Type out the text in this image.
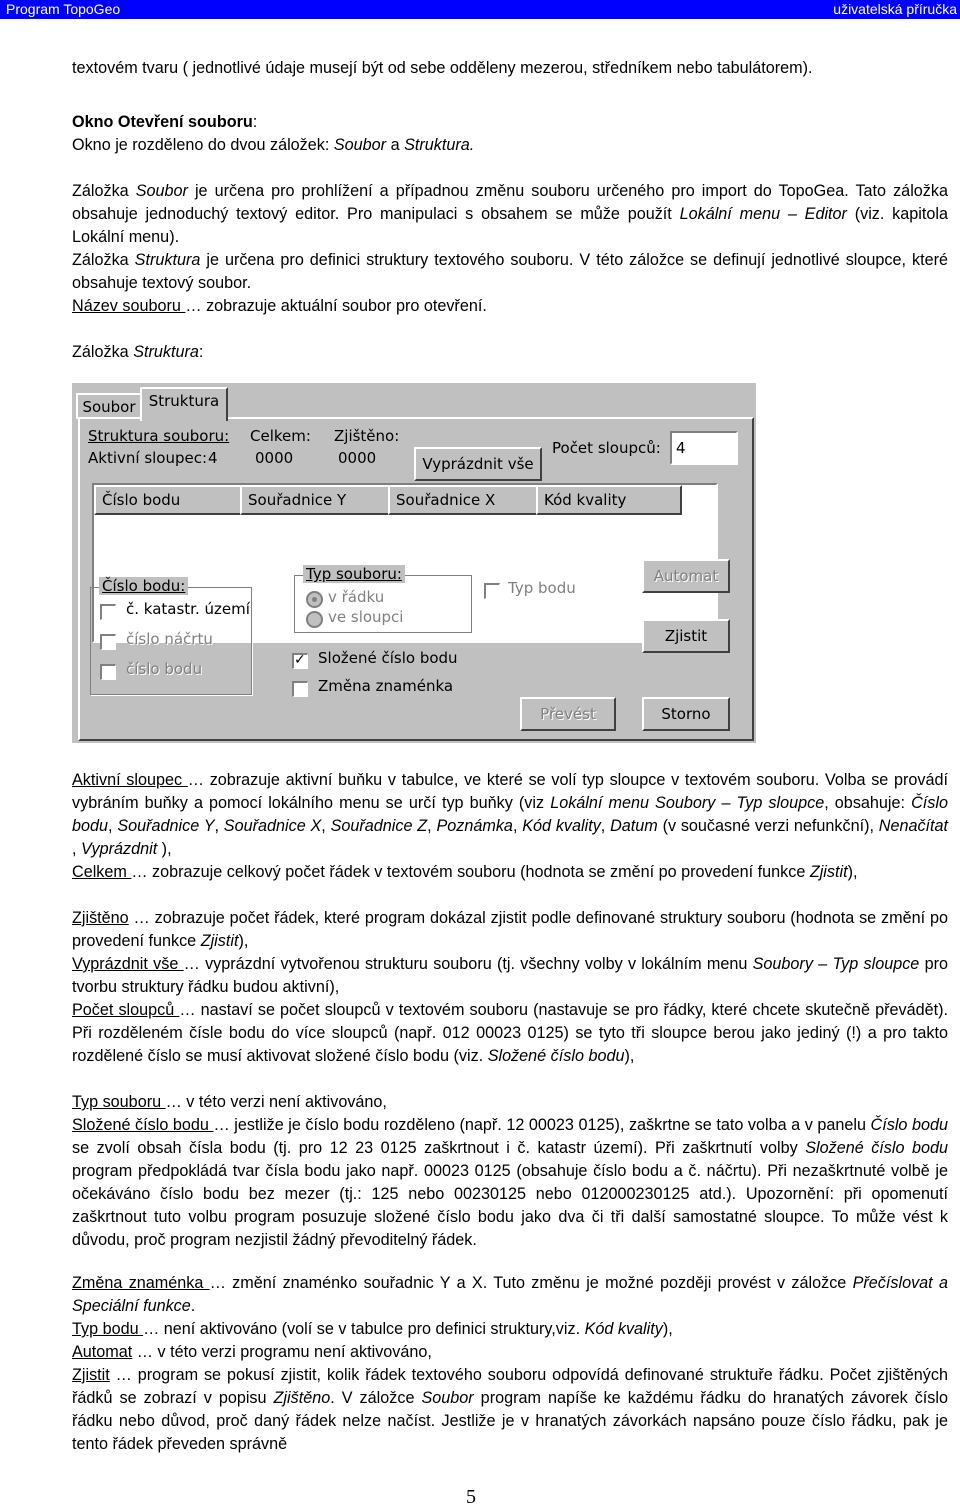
Program TopoGeo	uživatelská příručka

textovém tvaru ( jednotlivé údaje musejí být od sebe odděleny mezerou, středníkem nebo tabulátorem).

Okno Otevření souboru:

Okno je rozděleno do dvou záložek: Soubor a Struktura.

Záložka Soubor je určena pro prohlížení a případnou změnu souboru určeného pro import do TopoGea. Tato záložka obsahuje jednoduchý textový editor. Pro manipulaci s obsahem se může použít Lokální menu – Editor (viz. kapitola Lokální menu).

Záložka Struktura je určena pro definici struktury textového souboru. V této záložce se definují jednotlivé sloupce, které obsahuje textový soubor.

Název souboru … zobrazuje aktuální soubor pro otevření.

Záložka Struktura:

Soubor Struktura
Struktura souboru:
Aktivní sloupec: 4
Celkem:
0000
Zjištěno:
0000	Vyprázdnit vše
Počet sloupců:	4
Číslo bodu	Souřadnice Y	Souřadnice X	Kód kvality
Číslo bodu:
č. katastr. území
číslo náčrtu
číslo bodu
Typ souboru:
v řádku
ve sloupci
✓
Složené číslo bodu
Změna znaménka
Typ bodu
Automat
Zjistit
Převést	Storno

Aktivní sloupec … zobrazuje aktivní buňku v tabulce, ve které se volí typ sloupce v textovém souboru. Volba se provádí vybráním buňky a pomocí lokálního menu se určí typ buňky (viz Lokální menu Soubory – Typ sloupce, obsahuje: Číslo bodu, Souřadnice Y, Souřadnice X, Souřadnice Z, Poznámka, Kód kvality, Datum (v současné verzi nefunkční), Nenačítat , Vyprázdnit ),

Celkem … zobrazuje celkový počet řádek v textovém souboru (hodnota se změní po provedení funkce Zjistit),

Zjištěno … zobrazuje počet řádek, které program dokázal zjistit podle definované struktury souboru (hodnota se změní po provedení funkce Zjistit),

Vyprázdnit vše … vyprázdní vytvořenou strukturu souboru (tj. všechny volby v lokálním menu Soubory – Typ sloupce pro tvorbu struktury řádku budou aktivní),

Počet sloupců … nastaví se počet sloupců v textovém souboru (nastavuje se pro řádky, které chcete skutečně převádět). Při rozděleném čísle bodu do více sloupců (např. 012 00023 0125) se tyto tři sloupce berou jako jediný (!) a pro takto rozdělené číslo se musí aktivovat složené číslo bodu (viz. Složené číslo bodu),

Typ souboru … v této verzi není aktivováno,

Složené číslo bodu … jestliže je číslo bodu rozděleno (např. 12 00023 0125), zaškrtne se tato volba a v panelu Číslo bodu se zvolí obsah čísla bodu (tj. pro 12 23 0125 zaškrtnout i č. katastr území). Při zaškrtnutí volby Složené číslo bodu program předpokládá tvar čísla bodu jako např. 00023 0125 (obsahuje číslo bodu a č. náčrtu). Při nezaškrtnuté volbě je očekáváno číslo bodu bez mezer (tj.: 125 nebo 00230125 nebo 012000230125 atd.). Upozornění: při opomenutí zaškrtnout tuto volbu program posuzuje složené číslo bodu jako dva či tři další samostatné sloupce. To může vést k důvodu, proč program nezjistil žádný převoditelný řádek.

Změna znaménka … změní znaménko souřadnic Y a X. Tuto změnu je možné později provést v záložce Přečíslovat a Speciální funkce.

Typ bodu … není aktivováno (volí se v tabulce pro definici struktury,viz. Kód kvality),

Automat … v této verzi programu není aktivováno,

Zjistit … program se pokusí zjistit, kolik řádek textového souboru odpovídá definované struktuře řádku. Počet zjištěných řádků se zobrazí v popisu Zjištěno. V záložce Soubor program napíše ke každému řádku do hranatých závorek číslo řádku nebo důvod, proč daný řádek nelze načíst. Jestliže je v hranatých závorkách napsáno pouze číslo řádku, pak je tento řádek převeden správně

5
